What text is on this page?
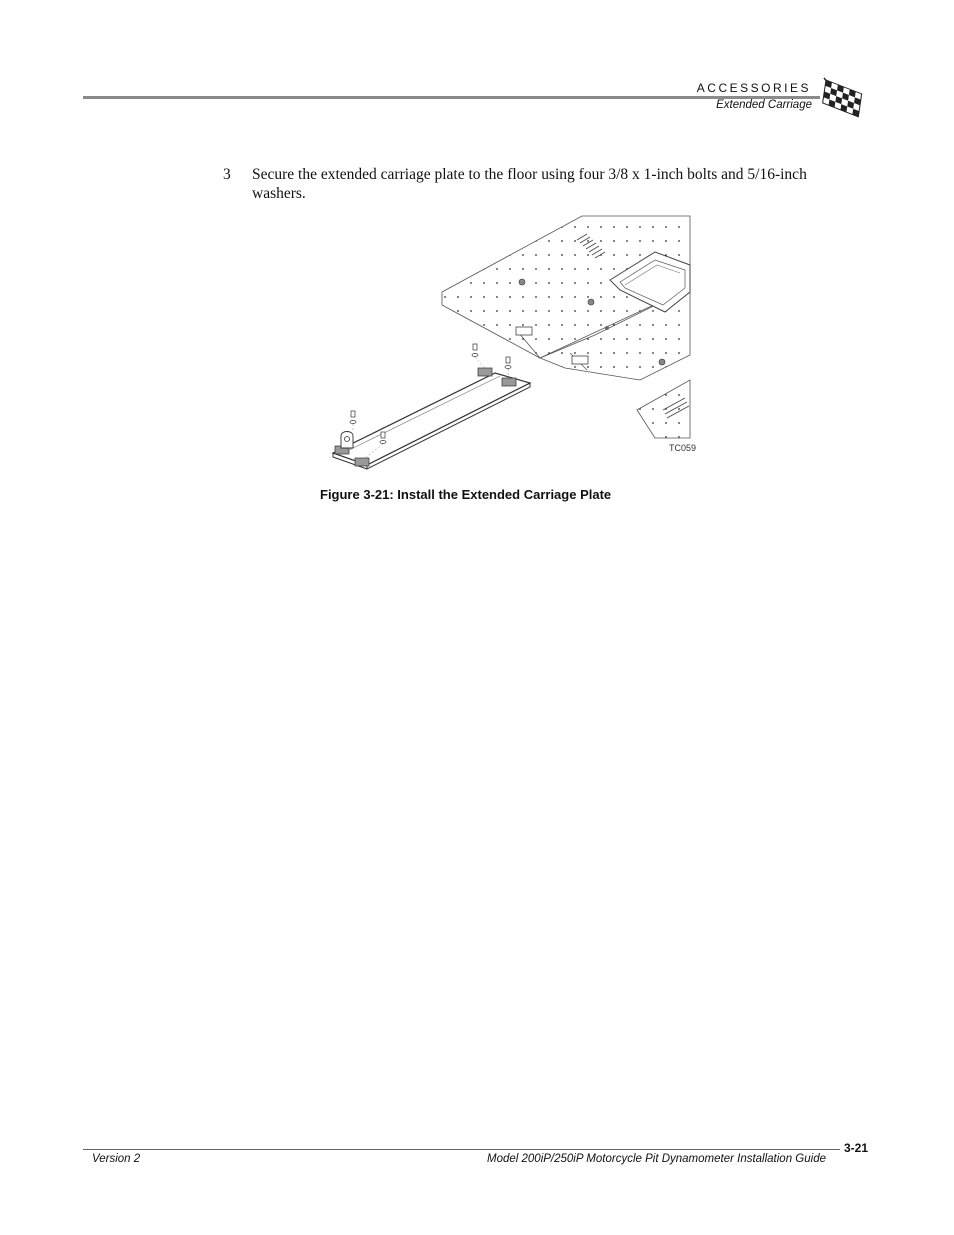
ACCESSORIES
Extended Carriage
3 Secure the extended carriage plate to the floor using four 3/8 x 1-inch bolts and 5/16-inch washers.
TC059
Figure 3-21: Install the Extended Carriage Plate
3-21
Version 2	Model 200iP/250iP Motorcycle Pit Dynamometer Installation Guide
